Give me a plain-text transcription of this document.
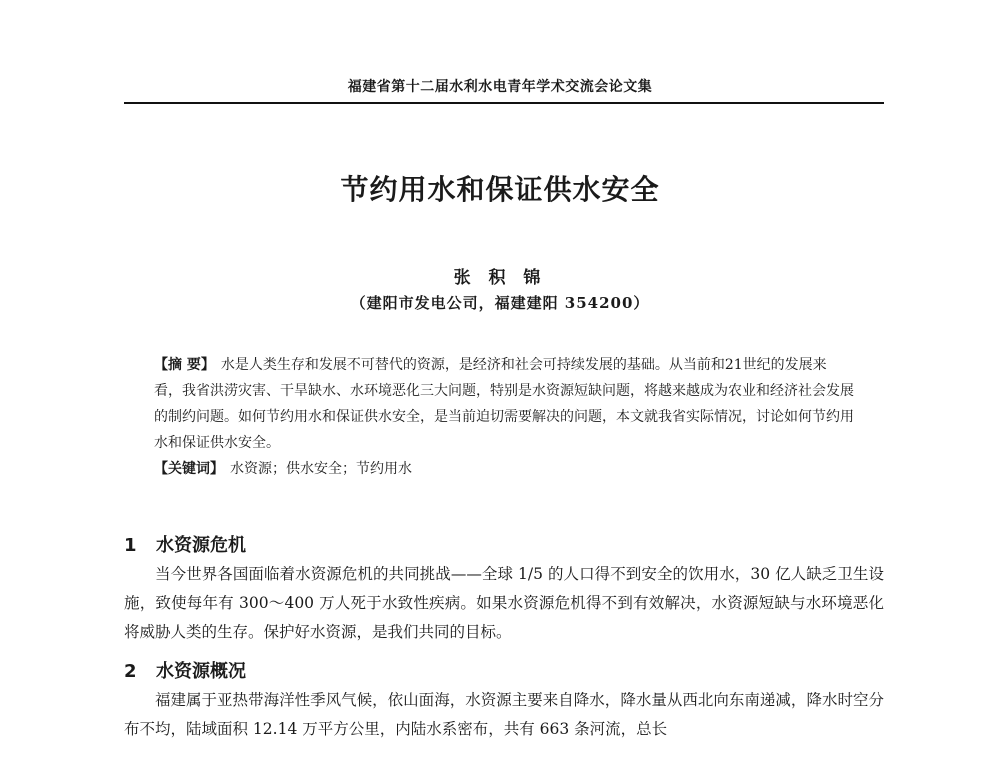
福建省第十二届水利水电青年学术交流会论文集
节约用水和保证供水安全
张 积 锦
（建阳市发电公司，福建建阳 354200）

【摘 要】 水是人类生存和发展不可替代的资源，是经济和社会可持续发展的基础。从当前和21世纪的发展来看，我省洪涝灾害、干旱缺水、水环境恶化三大问题，特别是水资源短缺问题，将越来越成为农业和经济社会发展的制约问题。如何节约用水和保证供水安全，是当前迫切需要解决的问题，本文就我省实际情况，讨论如何节约用水和保证供水安全。

【关键词】 水资源；供水安全；节约用水

1 水资源危机

当今世界各国面临着水资源危机的共同挑战——全球 1/5 的人口得不到安全的饮用水，30 亿人缺乏卫生设施，致使每年有 300～400 万人死于水致性疾病。如果水资源危机得不到有效解决，水资源短缺与水环境恶化将威胁人类的生存。保护好水资源，是我们共同的目标。

2 水资源概况

福建属于亚热带海洋性季风气候，依山面海，水资源主要来自降水，降水量从西北向东南递减，降水时空分布不均，陆域面积 12.14 万平方公里，内陆水系密布，共有 663 条河流，总长
